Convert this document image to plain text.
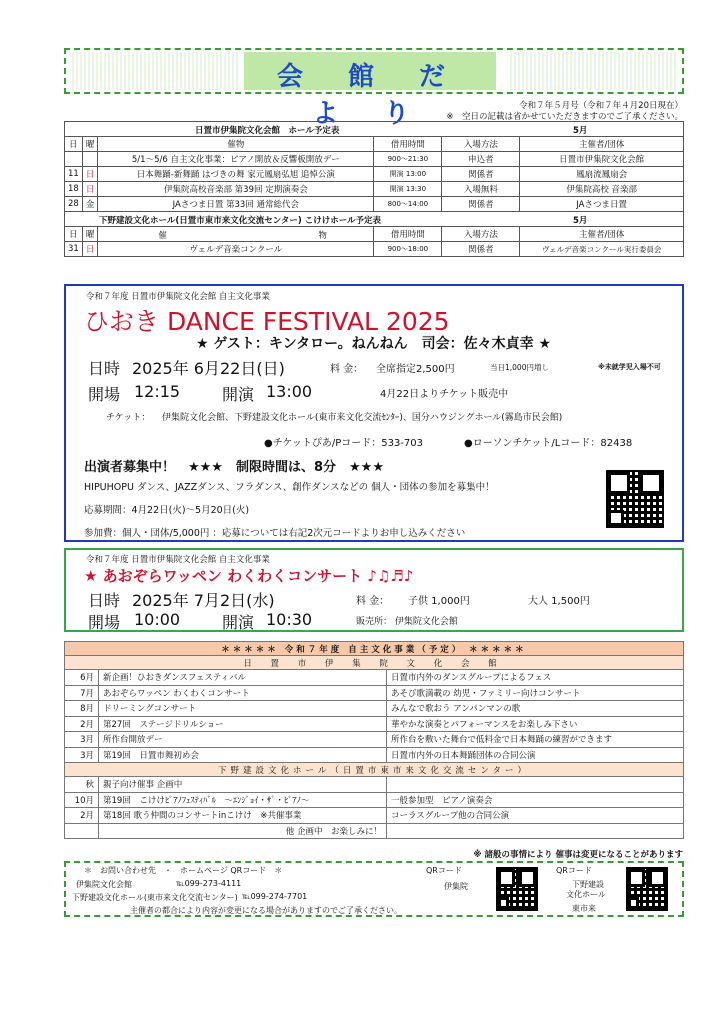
会 館 だ よ り	令和７年５月号（令和７年４月20日現在）
※　空日の記載は省かせていただきますのでご了承ください。
日置市伊集院文化会館　ホール予定表 5月					

日	曜	催物	借用時間	入場方法	主催者/団体
		5/1～5/6 自主文化事業：ピアノ開放＆反響板開放デー	900～21:30	申込者	日置市伊集院文化会館
11	日	日本舞踊-新舞踊 はづきの舞 家元鳳扇弘旭 追悼公演	開演 13:00	関係者	鳳扇流鳳扇会
18	日	伊集院高校音楽部 第39回 定期演奏会	開演 13:30	入場無料	伊集院高校 音楽部
28	金	JAさつま日置 第33回 通常総代会	800～14:00	関係者	JAさつま日置

下野建設文化ホール(日置市東市来文化交流センター) こけけホール予定表 5月					

日	曜	催 物	借用時間	入場方法	主催者/団体
31	日	ヴェルデ音楽コンクール	900～18:00	関係者	ヴェルデ音楽コンクール実行委員会
令和７年度 日置市伊集院文化会館 自主文化事業
ひおき DANCE FESTIVAL 2025
★ ゲスト：キンタロー。ねんねん　司会：佐々木貞幸 ★
日時 2025年 6月22日(日)	料 金： 全席指定2,500円	当日1,000円増し	※未就学児入場不可
開場 12:15	開演 13:00	4月22日よりチケット販売中
チケット： 伊集院文化会館、下野建設文化ホール(東市来文化交流ｾﾝﾀｰ)、国分ハウジングホール(霧島市民会館)
●チケットぴあ/Pコード：533-703	●ローソンチケット/Lコード：82438
出演者募集中！　★★★　制限時間は、8分　★★★
HIPUHOPU ダンス、JAZZダンス、フラダンス、創作ダンスなどの 個人・団体の参加を募集中！
応募期間：4月22日(火)～5月20日(火)
参加費：個人・団体/5,000円 ：応募については右記2次元コードよりお申し込みください
令和７年度 日置市伊集院文化会館 自主文化事業
★ あおぞらワッペン わくわくコンサート ♪♫♬♪
日時 2025年 7月2日(水)	料 金： 子供 1,000円	大人 1,500円
開場 10:00	開演 10:30	販売所： 伊集院文化会館
＊＊＊＊＊ 令和７年度 自主文化事業（予定） ＊＊＊＊＊		
日 置 市 伊 集 院 文 化 会 館		
6月	新企画！ひおきダンスフェスティバル	日置市内外のダンスグループによるフェス
7月	あおぞらワッペン わくわくコンサート	あそび歌満載の 幼児・ファミリー向けコンサート
8月	ドリーミングコンサート	みんなで歌おう アンパンマンの歌
2月	第27回　ステージドリルショー	華やかな演奏とパフォーマンスをお楽しみ下さい
3月	所作台開放デー	所作台を敷いた舞台で低料金で日本舞踊の練習ができます
3月	第19回　日置市舞初め会	日置市内外の日本舞踊団体の合同公演
下野建設文化ホール（日置市東市来文化交流センター）		
秋	親子向け催事 企画中	
10月	第19回　こけけﾋﾟｱﾉﾌｪｽﾃｨﾊﾞﾙ　～ｴﾝｼﾞｮｲ・ｻﾞ・ﾋﾟｱﾉ～	一般参加型　ピアノ演奏会
2月	第18回 歌う仲間のコンサートinこけけ　※共催事業	コーラスグループ他の合同公演
	他 企画中　お楽しみに！	
※ 諸般の事情により 催事は変更になることがあります
＊　お問い合わせ先　・　ホームページ QRコード　＊
伊集院文化会館	℡099-273-4111
下野建設文化ホール(東市来文化交流センター) ℡099-274-7701
主催者の都合により内容が変更になる場合がありますのでご了承ください。
QRコード
伊集院
QRコード
下野建設
文化ホール
東市来
